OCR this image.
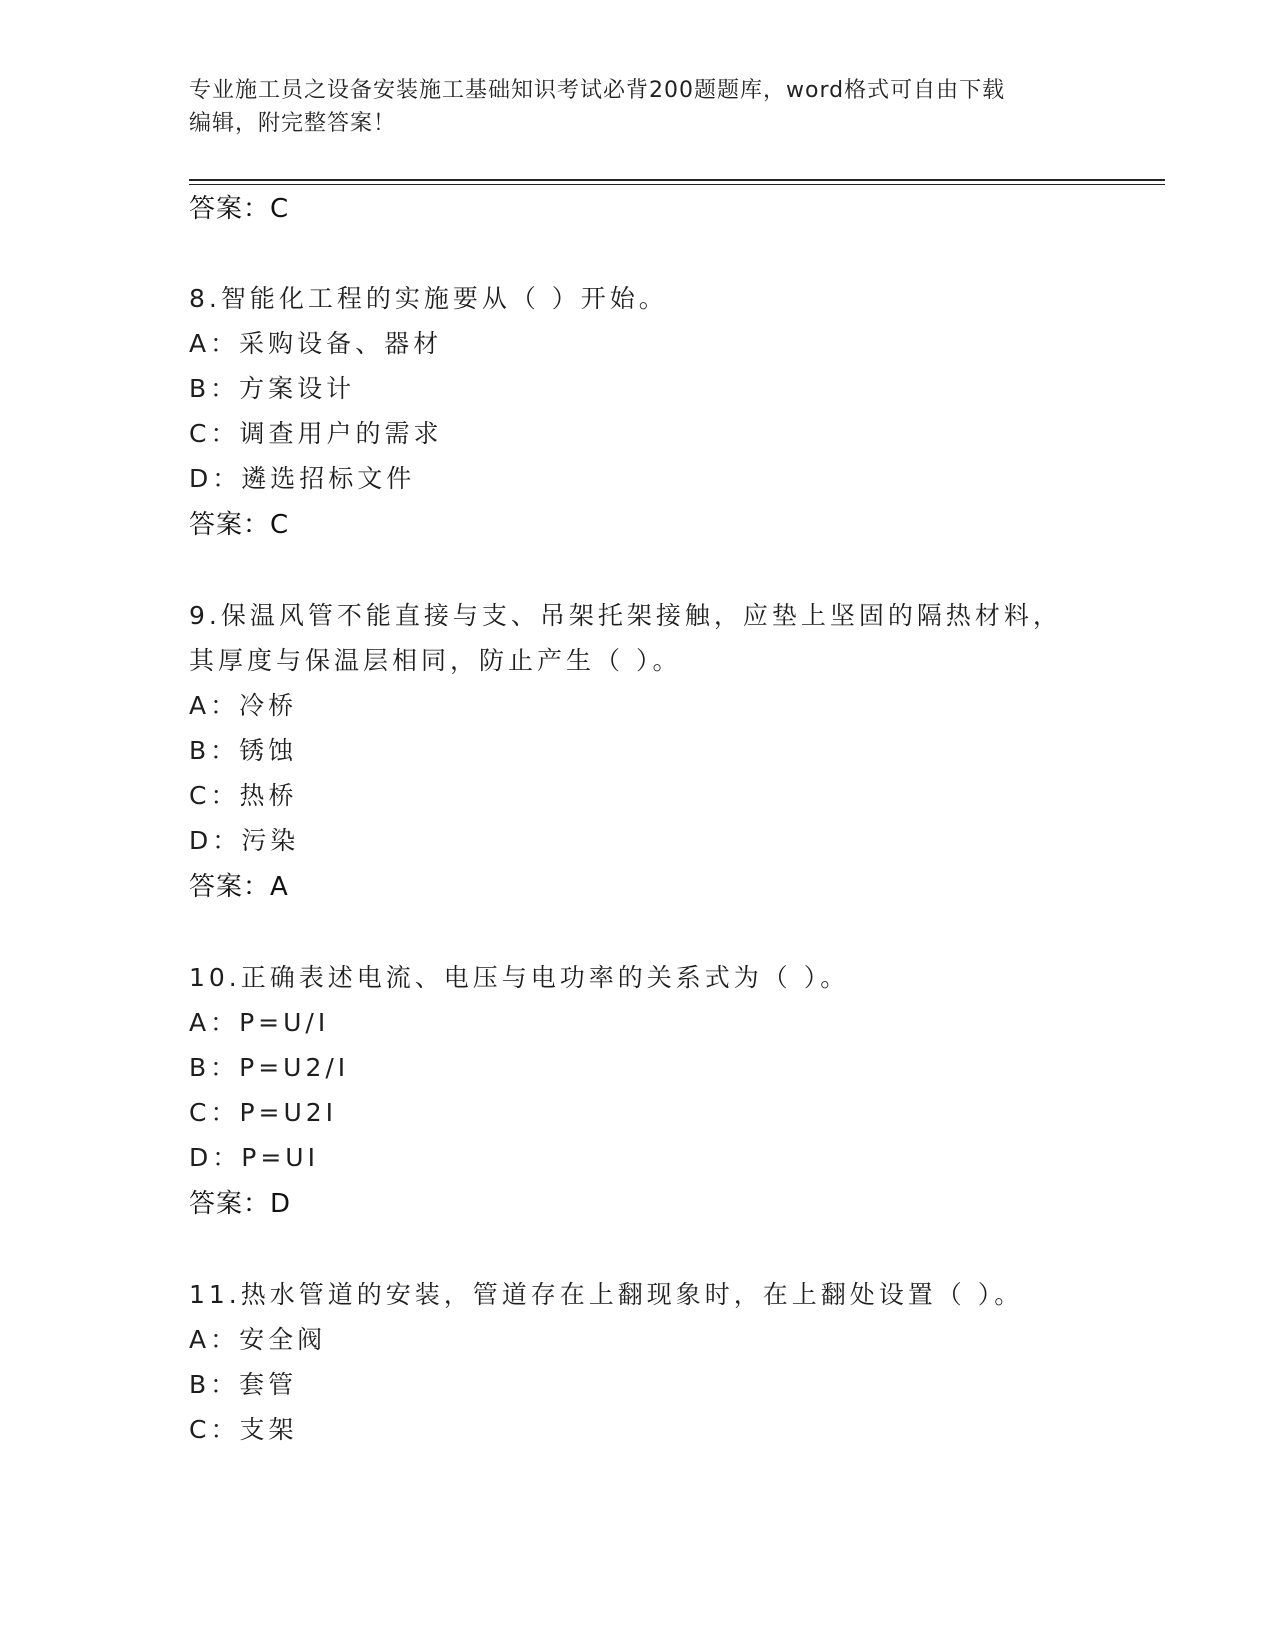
专业施工员之设备安装施工基础知识考试必背200题题库，word格式可自由下载
编辑，附完整答案！
答案：C
8.智能化工程的实施要从（ ）开始。
A：采购设备、器材
B：方案设计
C：调查用户的需求
D：遴选招标文件
答案：C
9.保温风管不能直接与支、吊架托架接触，应垫上坚固的隔热材料，
其厚度与保温层相同，防止产生（ ）。
A：冷桥
B：锈蚀
C：热桥
D：污染
答案：A
10.正确表述电流、电压与电功率的关系式为（ ）。
A：P=U/I
B：P=U2/I
C：P=U2I
D：P=UI
答案：D
11.热水管道的安装，管道存在上翻现象时，在上翻处设置（ ）。
A：安全阀
B：套管
C：支架
